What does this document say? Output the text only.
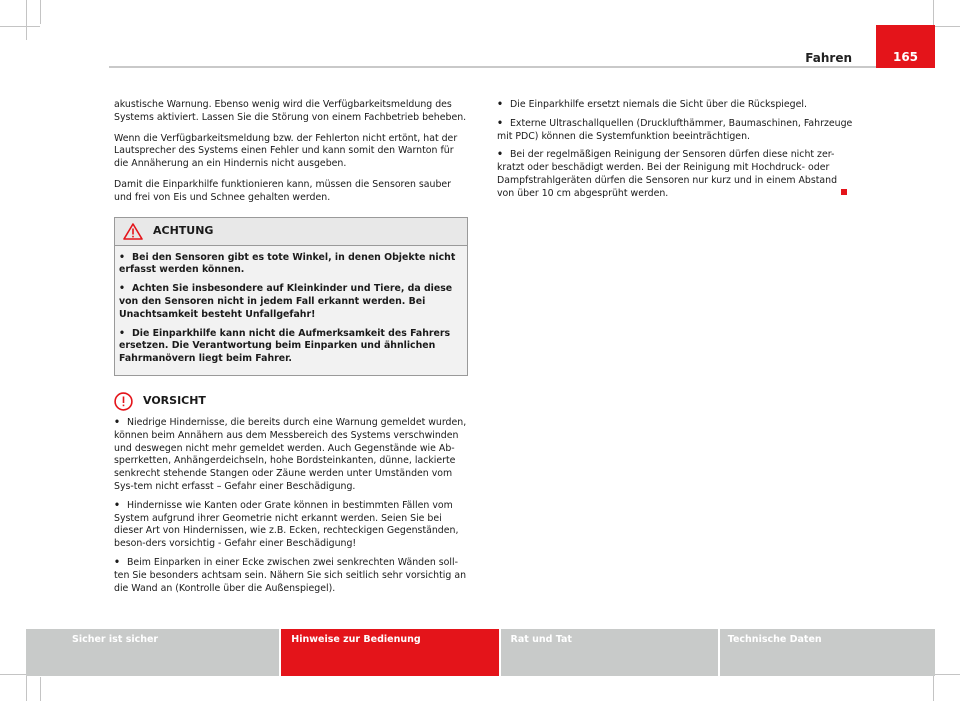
Fahren	165

akustische Warnung. Ebenso wenig wird die Verfügbarkeitsmeldung des Systems aktiviert. Lassen Sie die Störung von einem Fachbetrieb beheben.

Wenn die Verfügbarkeitsmeldung bzw. der Fehlerton nicht ertönt, hat der Lautsprecher des Systems einen Fehler und kann somit den Warnton für die Annäherung an ein Hindernis nicht ausgeben.

Damit die Einparkhilfe funktionieren kann, müssen die Sensoren sauber und frei von Eis und Schnee gehalten werden.

ACHTUNG
• Bei den Sensoren gibt es tote Winkel, in denen Objekte nicht erfasst werden können.
• Achten Sie insbesondere auf Kleinkinder und Tiere, da diese von den Sensoren nicht in jedem Fall erkannt werden. Bei Unachtsamkeit besteht Unfallgefahr!
• Die Einparkhilfe kann nicht die Aufmerksamkeit des Fahrers ersetzen. Die Verantwortung beim Einparken und ähnlichen Fahrmanövern liegt beim Fahrer.
VORSICHT
• Niedrige Hindernisse, die bereits durch eine Warnung gemeldet wurden, können beim Annähern aus dem Messbereich des Systems verschwinden und deswegen nicht mehr gemeldet werden. Auch Gegenstände wie Ab-sperrketten, Anhängerdeichseln, hohe Bordsteinkanten, dünne, lackierte senkrecht stehende Stangen oder Zäune werden unter Umständen vom Sys-tem nicht erfasst – Gefahr einer Beschädigung.
• Hindernisse wie Kanten oder Grate können in bestimmten Fällen vom System aufgrund ihrer Geometrie nicht erkannt werden. Seien Sie bei dieser Art von Hindernissen, wie z.B. Ecken, rechteckigen Gegenständen, beson-ders vorsichtig - Gefahr einer Beschädigung!
• Beim Einparken in einer Ecke zwischen zwei senkrechten Wänden soll-ten Sie besonders achtsam sein. Nähern Sie sich seitlich sehr vorsichtig an die Wand an (Kontrolle über die Außenspiegel).
• Die Einparkhilfe ersetzt niemals die Sicht über die Rückspiegel.
• Externe Ultraschallquellen (Drucklufthämmer, Baumaschinen, Fahrzeuge mit PDC) können die Systemfunktion beeinträchtigen.
• Bei der regelmäßigen Reinigung der Sensoren dürfen diese nicht zer-kratzt oder beschädigt werden. Bei der Reinigung mit Hochdruck- oder Dampfstrahlgeräten dürfen die Sensoren nur kurz und in einem Abstand von über 10 cm abgesprüht werden.
Sicher ist sicher	Hinweise zur Bedienung	Rat und Tat	Technische Daten
